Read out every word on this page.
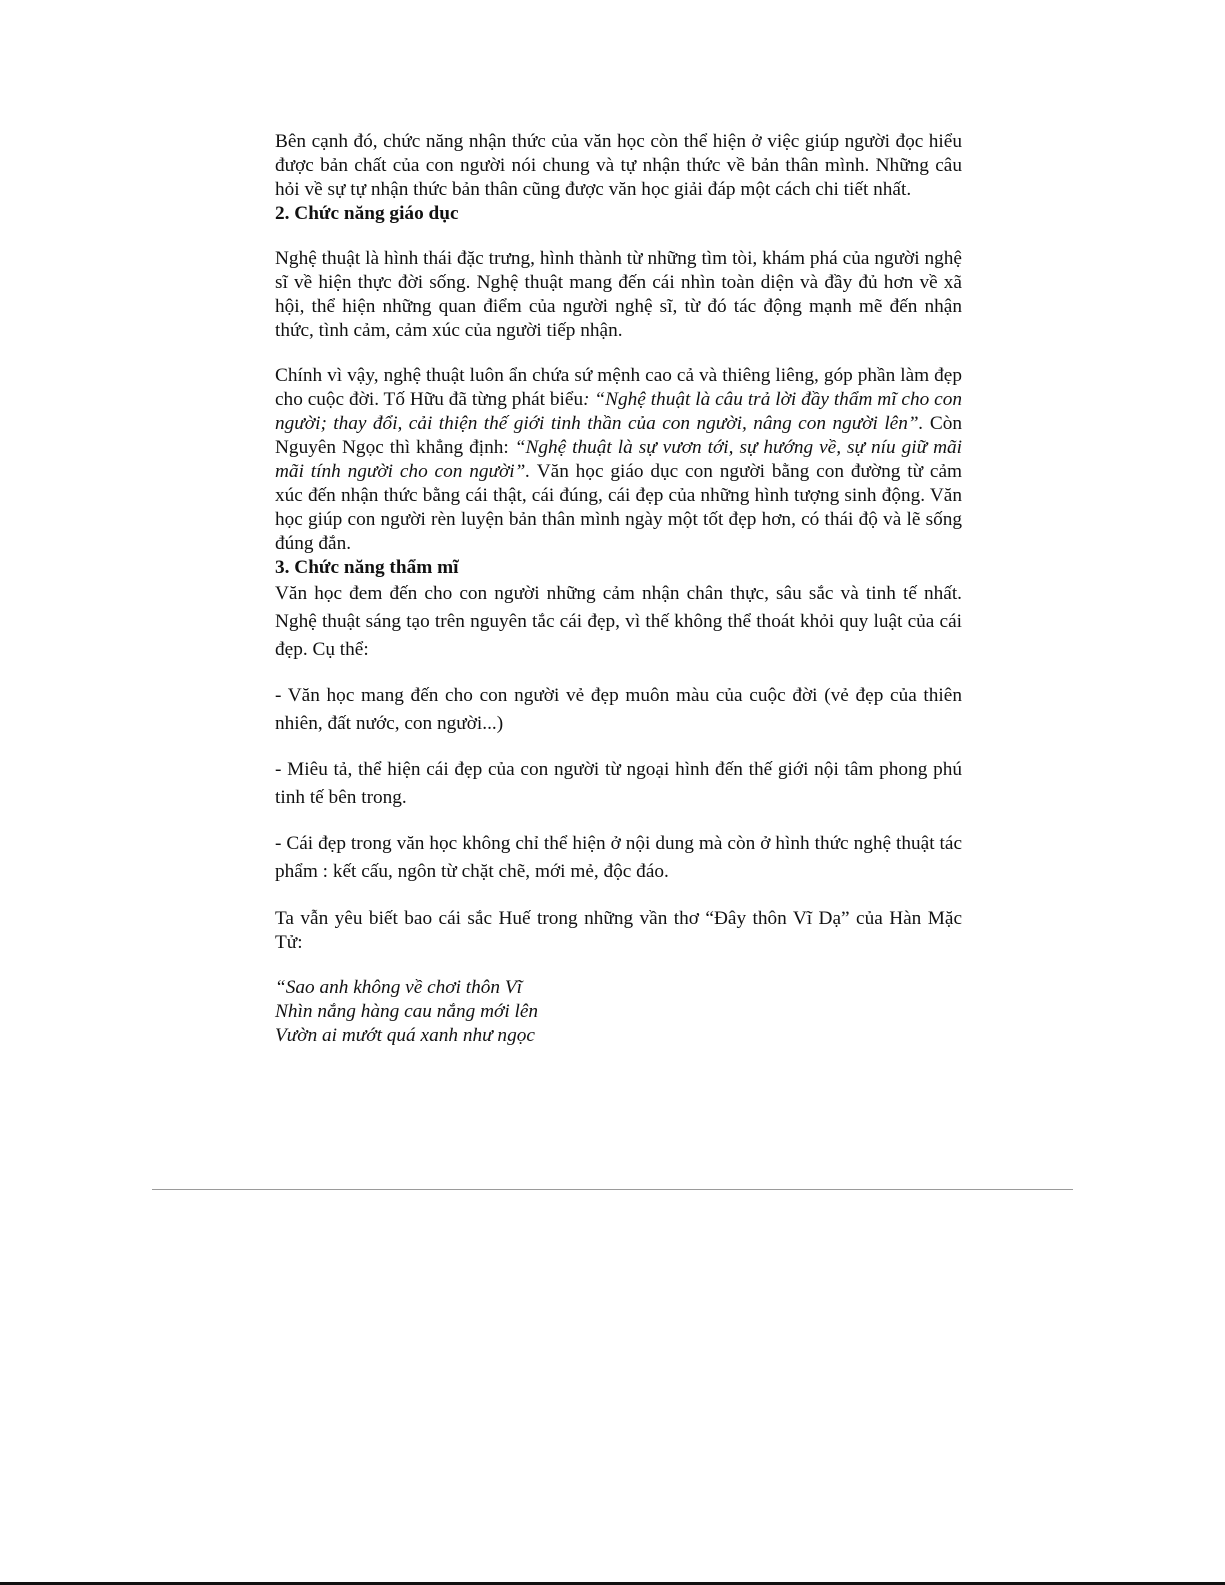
Bên cạnh đó, chức năng nhận thức của văn học còn thể hiện ở việc giúp người đọc hiểu được bản chất của con người nói chung và tự nhận thức về bản thân mình. Những câu hỏi về sự tự nhận thức bản thân cũng được văn học giải đáp một cách chi tiết nhất.

2. Chức năng giáo dục

Nghệ thuật là hình thái đặc trưng, hình thành từ những tìm tòi, khám phá của người nghệ sĩ về hiện thực đời sống. Nghệ thuật mang đến cái nhìn toàn diện và đầy đủ hơn về xã hội, thể hiện những quan điểm của người nghệ sĩ, từ đó tác động mạnh mẽ đến nhận thức, tình cảm, cảm xúc của người tiếp nhận.

Chính vì vậy, nghệ thuật luôn ẩn chứa sứ mệnh cao cả và thiêng liêng, góp phần làm đẹp cho cuộc đời. Tố Hữu đã từng phát biểu: “Nghệ thuật là câu trả lời đầy thẩm mĩ cho con người; thay đổi, cải thiện thế giới tinh thần của con người, nâng con người lên”. Còn Nguyên Ngọc thì khẳng định: “Nghệ thuật là sự vươn tới, sự hướng về, sự níu giữ mãi mãi tính người cho con người”. Văn học giáo dục con người bằng con đường từ cảm xúc đến nhận thức bằng cái thật, cái đúng, cái đẹp của những hình tượng sinh động. Văn học giúp con người rèn luyện bản thân mình ngày một tốt đẹp hơn, có thái độ và lẽ sống đúng đắn.

3. Chức năng thẩm mĩ

Văn học đem đến cho con người những cảm nhận chân thực, sâu sắc và tinh tế nhất. Nghệ thuật sáng tạo trên nguyên tắc cái đẹp, vì thế không thể thoát khỏi quy luật của cái đẹp. Cụ thể:

- Văn học mang đến cho con người vẻ đẹp muôn màu của cuộc đời (vẻ đẹp của thiên nhiên, đất nước, con người...)

- Miêu tả, thể hiện cái đẹp của con người từ ngoại hình đến thế giới nội tâm phong phú tinh tế bên trong.

- Cái đẹp trong văn học không chỉ thể hiện ở nội dung mà còn ở hình thức nghệ thuật tác phẩm : kết cấu, ngôn từ chặt chẽ, mới mẻ, độc đáo.

Ta vẫn yêu biết bao cái sắc Huế trong những vần thơ “Đây thôn Vĩ Dạ” của Hàn Mặc Tử:

“Sao anh không về chơi thôn Vĩ
Nhìn nắng hàng cau nắng mới lên
Vườn ai mướt quá xanh như ngọc
